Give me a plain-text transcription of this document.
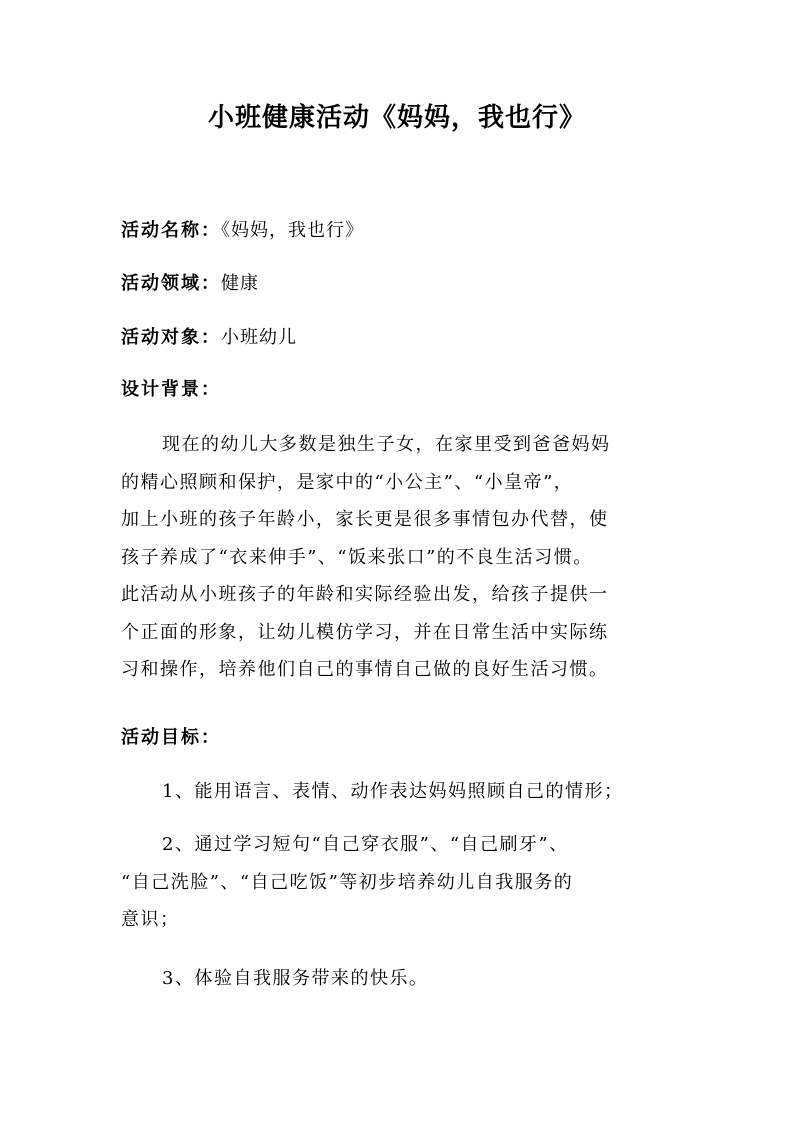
小班健康活动《妈妈，我也行》
活动名称：《妈妈，我也行》
活动领域：健康
活动对象：小班幼儿
设计背景：
现在的幼儿大多数是独生子女，在家里受到爸爸妈妈
的精心照顾和保护，是家中的“小公主”、“小皇帝”，
加上小班的孩子年龄小，家长更是很多事情包办代替，使
孩子养成了“衣来伸手”、“饭来张口”的不良生活习惯。
此活动从小班孩子的年龄和实际经验出发，给孩子提供一
个正面的形象，让幼儿模仿学习，并在日常生活中实际练
习和操作，培养他们自己的事情自己做的良好生活习惯。
活动目标：
1、能用语言、表情、动作表达妈妈照顾自己的情形；
2、通过学习短句“自己穿衣服”、“自己刷牙”、
“自己洗脸”、“自己吃饭”等初步培养幼儿自我服务的
意识；
3、体验自我服务带来的快乐。
